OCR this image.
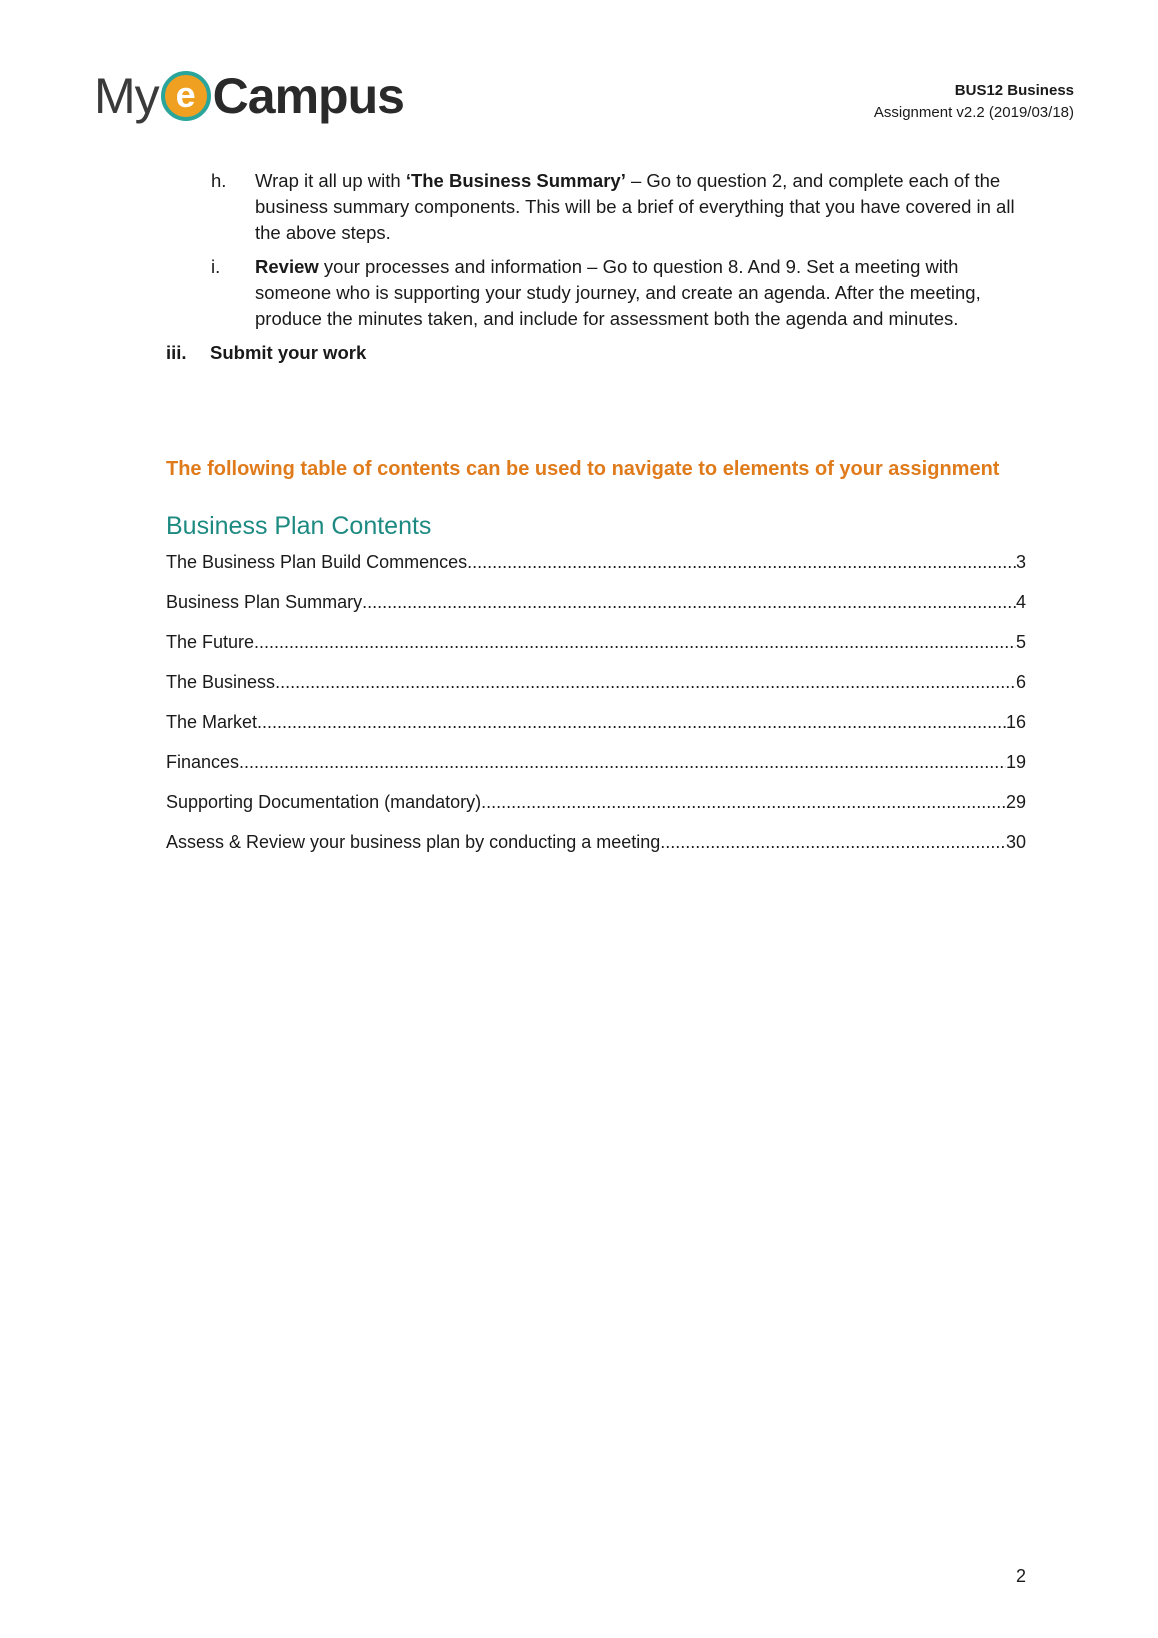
My e Campus	BUS12 Business
Assignment v2.2 (2019/03/18)
h.	Wrap it all up with ‘The Business Summary’ – Go to question 2, and complete each of the business summary components. This will be a brief of everything that you have covered in all the above steps.
i.	Review your processes and information – Go to question 8. And 9. Set a meeting with someone who is supporting your study journey, and create an agenda. After the meeting, produce the minutes taken, and include for assessment both the agenda and minutes.
iii.	Submit your work
The following table of contents can be used to navigate to elements of your assignment
Business Plan Contents
The Business Plan Build Commences .....	3
Business Plan Summary .....	4
The Future .....	5
The Business .....	6
The Market .....	16
Finances .....	19
Supporting Documentation (mandatory) .....	29
Assess & Review your business plan by conducting a meeting .....	30
2
